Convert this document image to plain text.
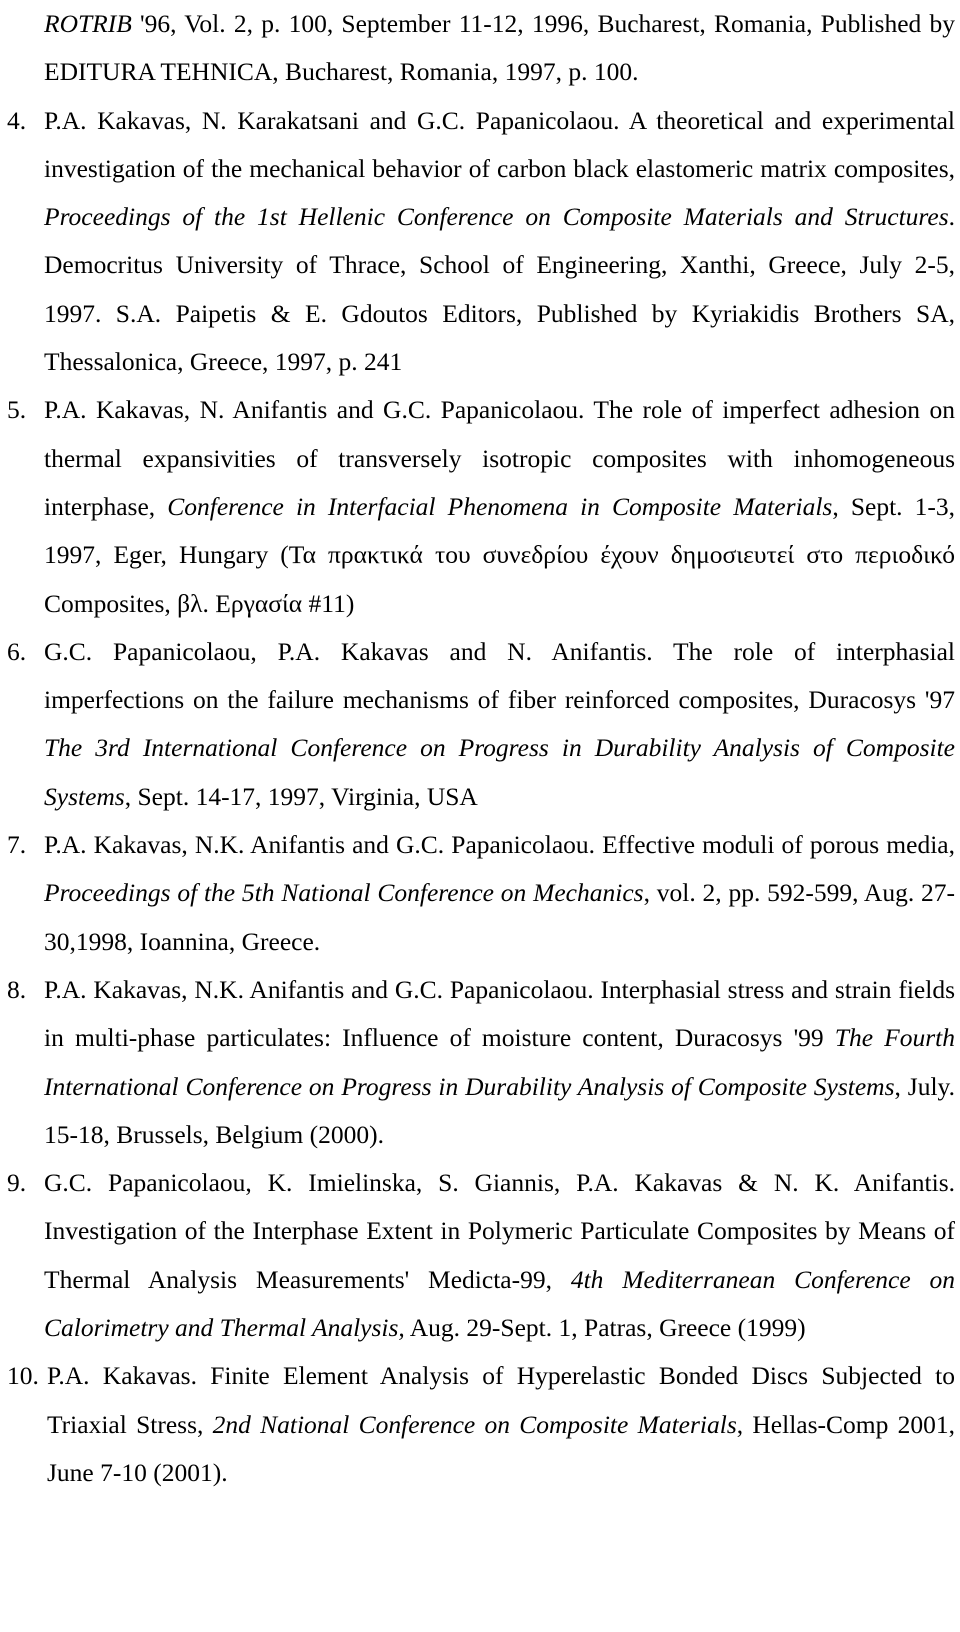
ROTRIB '96, Vol. 2, p. 100, September 11-12, 1996, Bucharest, Romania, Published by EDITURA TEHNICA, Bucharest, Romania, 1997, p. 100.
4. P.A. Kakavas, N. Karakatsani and G.C. Papanicolaou. A theoretical and experimental investigation of the mechanical behavior of carbon black elastomeric matrix composites, Proceedings of the 1st Hellenic Conference on Composite Materials and Structures. Democritus University of Thrace, School of Engineering, Xanthi, Greece, July 2-5, 1997. S.A. Paipetis & E. Gdoutos Editors, Published by Kyriakidis Brothers SA, Thessalonica, Greece, 1997, p. 241
5. P.A. Kakavas, N. Anifantis and G.C. Papanicolaou. The role of imperfect adhesion on thermal expansivities of transversely isotropic composites with inhomogeneous interphase, Conference in Interfacial Phenomena in Composite Materials, Sept. 1-3, 1997, Eger, Hungary (Τα πρακτικά του συνεδρίου έχουν δημοσιευτεί στο περιοδικό Composites, βλ. Εργασία #11)
6. G.C. Papanicolaou, P.A. Kakavas and N. Anifantis. The role of interphasial imperfections on the failure mechanisms of fiber reinforced composites, Duracosys '97 The 3rd International Conference on Progress in Durability Analysis of Composite Systems, Sept. 14-17, 1997, Virginia, USA
7. P.A. Kakavas, N.K. Anifantis and G.C. Papanicolaou. Effective moduli of porous media, Proceedings of the 5th National Conference on Mechanics, vol. 2, pp. 592-599, Aug. 27-30,1998, Ioannina, Greece.
8. P.A. Kakavas, N.K. Anifantis and G.C. Papanicolaou. Interphasial stress and strain fields in multi-phase particulates: Influence of moisture content, Duracosys '99 The Fourth International Conference on Progress in Durability Analysis of Composite Systems, July. 15-18, Brussels, Belgium (2000).
9. G.C. Papanicolaou, K. Imielinska, S. Giannis, P.A. Kakavas & N. K. Anifantis. Investigation of the Interphase Extent in Polymeric Particulate Composites by Means of Thermal Analysis Measurements' Medicta-99, 4th Mediterranean Conference on Calorimetry and Thermal Analysis, Aug. 29-Sept. 1, Patras, Greece (1999)
10. P.A. Kakavas. Finite Element Analysis of Hyperelastic Bonded Discs Subjected to Triaxial Stress, 2nd National Conference on Composite Materials, Hellas-Comp 2001, June 7-10 (2001).
